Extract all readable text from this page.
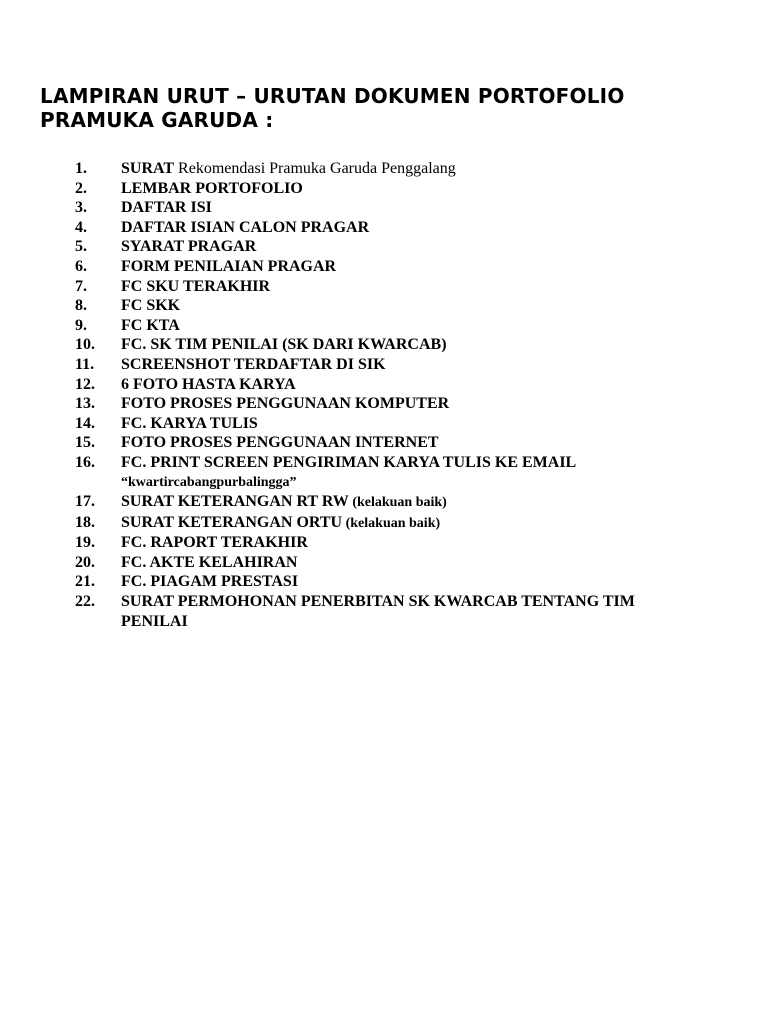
LAMPIRAN URUT – URUTAN DOKUMEN PORTOFOLIO
PRAMUKA GARUDA :
1.	SURAT Rekomendasi Pramuka Garuda Penggalang
2.	LEMBAR PORTOFOLIO
3.	DAFTAR ISI
4.	DAFTAR ISIAN CALON PRAGAR
5.	SYARAT PRAGAR
6.	FORM PENILAIAN PRAGAR
7.	FC SKU TERAKHIR
8.	FC SKK
9.	FC KTA
10.	FC. SK TIM PENILAI (SK DARI KWARCAB)
11.	SCREENSHOT TERDAFTAR DI SIK
12.	6 FOTO HASTA KARYA
13.	FOTO PROSES PENGGUNAAN KOMPUTER
14.	FC. KARYA TULIS
15.	FOTO PROSES PENGGUNAAN INTERNET
16.	FC. PRINT SCREEN PENGIRIMAN KARYA TULIS KE EMAIL
“kwartircabangpurbalingga”
17.	SURAT KETERANGAN RT RW (kelakuan baik)
18.	SURAT KETERANGAN ORTU (kelakuan baik)
19.	FC. RAPORT TERAKHIR
20.	FC. AKTE KELAHIRAN
21.	FC. PIAGAM PRESTASI
22.	SURAT PERMOHONAN PENERBITAN SK KWARCAB TENTANG TIM
PENILAI
